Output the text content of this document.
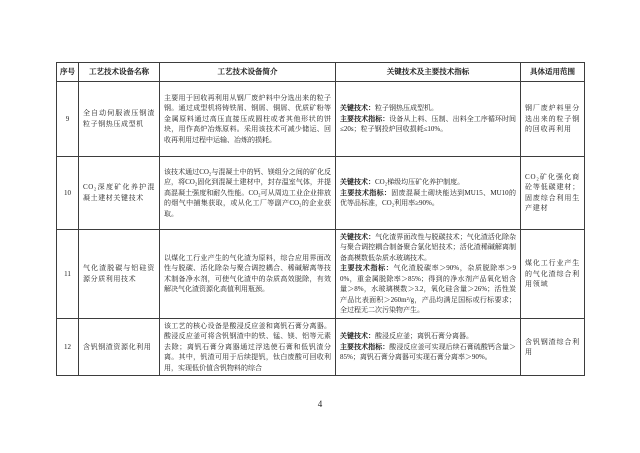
序号	工艺技术设备名称	工艺技术设备简介	关键技术及主要技术指标	具体适用范围
9	全自动伺服液压钢渣粒子钢热压成型机	主要用于回收再利用从钢厂废炉料中分选出来的粒子钢。通过成型机将铸铁屑、钢屑、铜屑、优质矿粉等金属原料通过高压直接压成圆柱或者其他形状的饼块，用作高炉冶炼原料。采用该技术可减少储运、回收再利用过程中运输、冶炼的损耗。	关键技术：粒子钢热压成型机。

主要技术指标：设备从上料、压制、出料全工序循环时间≤20s；粒子钢投炉回收损耗≤10%。	钢厂废炉料里分选出来的粒子钢的回收再利用
10	CO₂深度矿化养护混凝土建材关键技术	该技术通过CO₂与混凝土中的钙、镁组分之间的矿化反应，将CO₂固化到混凝土建材中，封存温室气体，并提高混凝土强度和耐久性能。CO₂可从周边工业企业排放的烟气中捕集获取，或从化工厂等副产CO₂的企业获取。	关键技术：CO₂梯级均压矿化养护制度。

主要技术指标：固废混凝土砌块能达到MU15、MU10的优等品标准，CO₂利用率≥90%。	CO₂矿化强化商砼等低碳建材；固废综合利用生产建材
11	气化渣脱碳与铝硅资源分质利用技术	以煤化工行业产生的气化渣为原料，综合应用界面改性与脱碳、活化除杂与聚合调控耦合、稀碱解离等技术制备净水剂，可使气化渣中的杂质高效脱除，有效解决气化渣资源化高值利用瓶颈。	关键技术：气化渣界面改性与脱碳技术；气化渣活化除杂与聚合调控耦合制备聚合氯化铝技术；活化渣稀碱解离制备高模数低杂质水玻璃技术。

主要技术指标：气化渣脱碳率＞90%，杂质脱除率＞90%，重金属脱除率＞85%；得到的净水剂产品氧化铝含量＞8%，水玻璃模数＞3.2，氧化硅含量＞26%；活性炭产品比表面积＞260m²/g，产品均满足国标或行标要求；全过程无二次污染物产生。	煤化工行业产生的气化渣综合利用领域
12	含钒钢渣资源化利用	该工艺的核心设备是酸浸反应釜和离钒石膏分离器。酸浸反应釜可将含钒钢渣中的铁、锰、镁、铝等元素去除；离钒石膏分离器通过浮选使石膏和低钒渣分离。其中，钒渣可用于后续提钒，钛白废酸可回收利用，实现低价值含钒物料的综合	关键技术：酸浸反应釜；离钒石膏分离器。

主要技术指标：酸浸反应釜可实现后续石膏硫酸钙含量＞85%；离钒石膏分离器可实现石膏分离率＞90%。	含钒钢渣综合利用
4
